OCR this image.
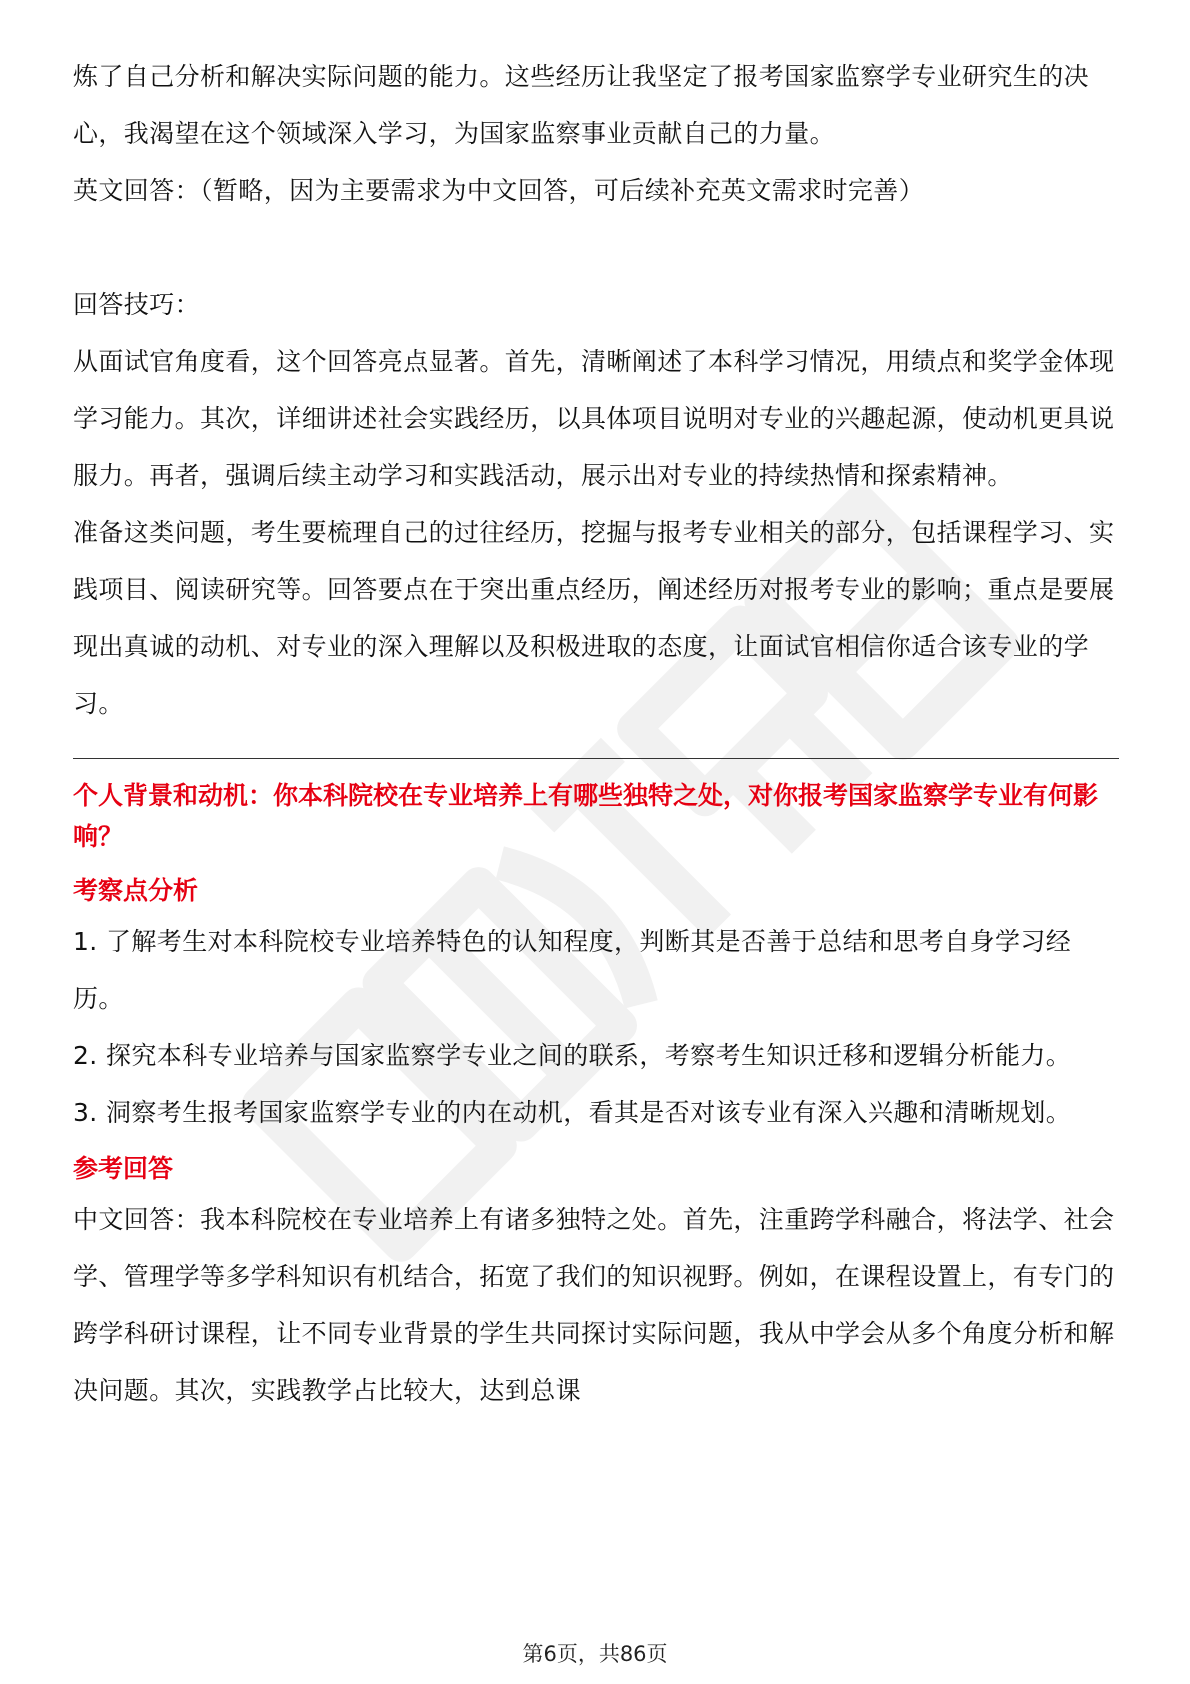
炼了自己分析和解决实际问题的能力。这些经历让我坚定了报考国家监察学专业研究生的决心，我渴望在这个领域深入学习，为国家监察事业贡献自己的力量。

英文回答：（暂略，因为主要需求为中文回答，可后续补充英文需求时完善）

回答技巧：

从面试官角度看，这个回答亮点显著。首先，清晰阐述了本科学习情况，用绩点和奖学金体现学习能力。其次，详细讲述社会实践经历，以具体项目说明对专业的兴趣起源，使动机更具说服力。再者，强调后续主动学习和实践活动，展示出对专业的持续热情和探索精神。

准备这类问题，考生要梳理自己的过往经历，挖掘与报考专业相关的部分，包括课程学习、实践项目、阅读研究等。回答要点在于突出重点经历，阐述经历对报考专业的影响；重点是要展现出真诚的动机、对专业的深入理解以及积极进取的态度，让面试官相信你适合该专业的学习。

个人背景和动机：你本科院校在专业培养上有哪些独特之处，对你报考国家监察学专业有何影响？
考察点分析

1. 了解考生对本科院校专业培养特色的认知程度，判断其是否善于总结和思考自身学习经历。

2. 探究本科专业培养与国家监察学专业之间的联系，考察考生知识迁移和逻辑分析能力。

3. 洞察考生报考国家监察学专业的内在动机，看其是否对该专业有深入兴趣和清晰规划。

参考回答

中文回答：我本科院校在专业培养上有诸多独特之处。首先，注重跨学科融合，将法学、社会学、管理学等多学科知识有机结合，拓宽了我们的知识视野。例如，在课程设置上，有专门的跨学科研讨课程，让不同专业背景的学生共同探讨实际问题，我从中学会从多个角度分析和解决问题。其次，实践教学占比较大，达到总课

第6页，共86页
